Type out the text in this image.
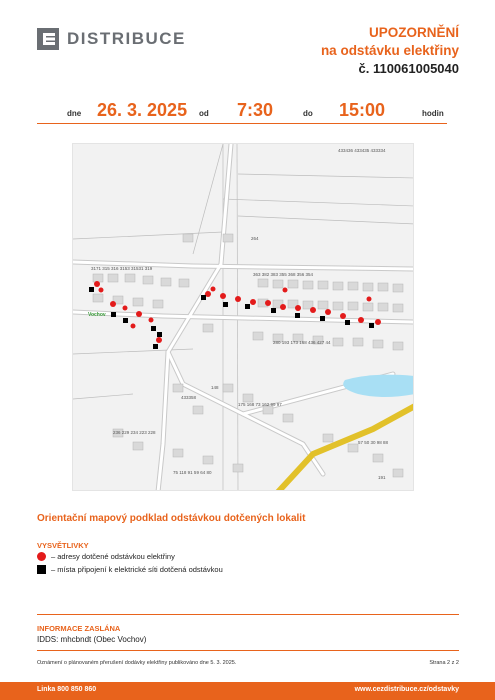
DISTRIBUCE	UPOZORNĚNÍ
na odstávku elektřiny
č. 110061005040
dne 26. 3. 2025 od 7:30	do 15:00	hodin
433436 433435 433334
264
3171 315 316 3153 31531 319
363 382 383 355 368 356 354
280 193 173 168 436 427 44
148
433358
175 168 73 162 99 97
236 229 234 223 228
75 118 91 59 64 80
57 50 30 98 88
191
Vochov
Orientační mapový podklad odstávkou dotčených lokalit
VYSVĚTLIVKY
– adresy dotčené odstávkou elektřiny
– místa připojení k elektrické síti dotčená odstávkou
INFORMACE ZASLÁNA
IDDS: mhcbndt (Obec Vochov)
Oznámení o plánovaném přerušení dodávky elektřiny publikováno dne 5. 3. 2025.	Strana 2 z 2
Linka 800 850 860	www.cezdistribuce.cz/odstavky
